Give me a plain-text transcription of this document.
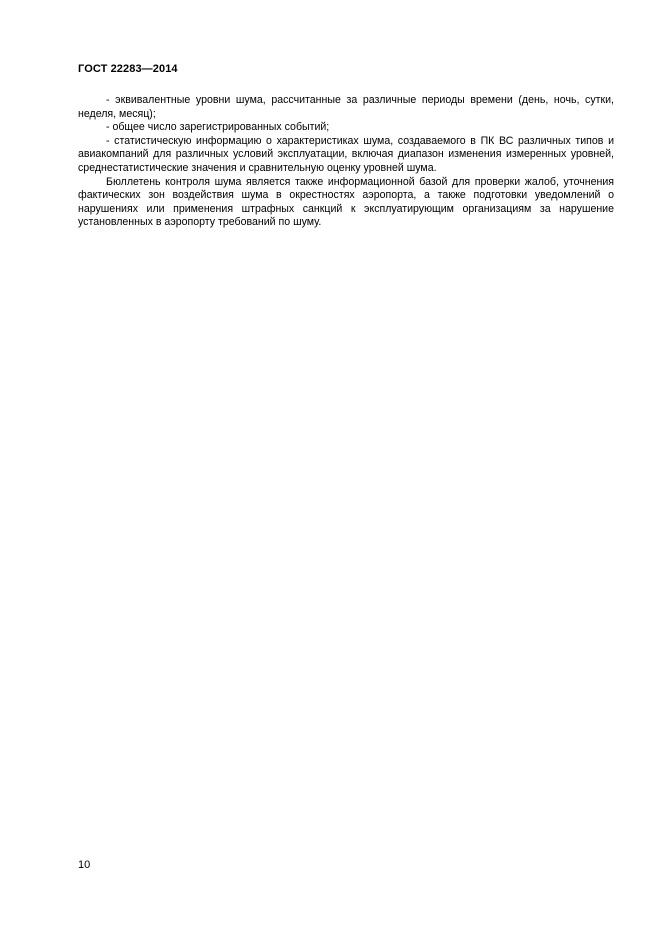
ГОСТ 22283—2014

- эквивалентные уровни шума, рассчитанные за различные периоды времени (день, ночь, сутки, неделя, месяц);

- общее число зарегистрированных событий;

- статистическую информацию о характеристиках шума, создаваемого в ПК ВС различных типов и авиакомпаний для различных условий эксплуатации, включая диапазон изменения измеренных уровней, среднестатистические значения и сравнительную оценку уровней шума.

Бюллетень контроля шума является также информационной базой для проверки жалоб, уточнения фактических зон воздействия шума в окрестностях аэропорта, а также подготовки уведомлений о нарушениях или применения штрафных санкций к эксплуатирующим организациям за нарушение установленных в аэропорту требований по шуму.

10
